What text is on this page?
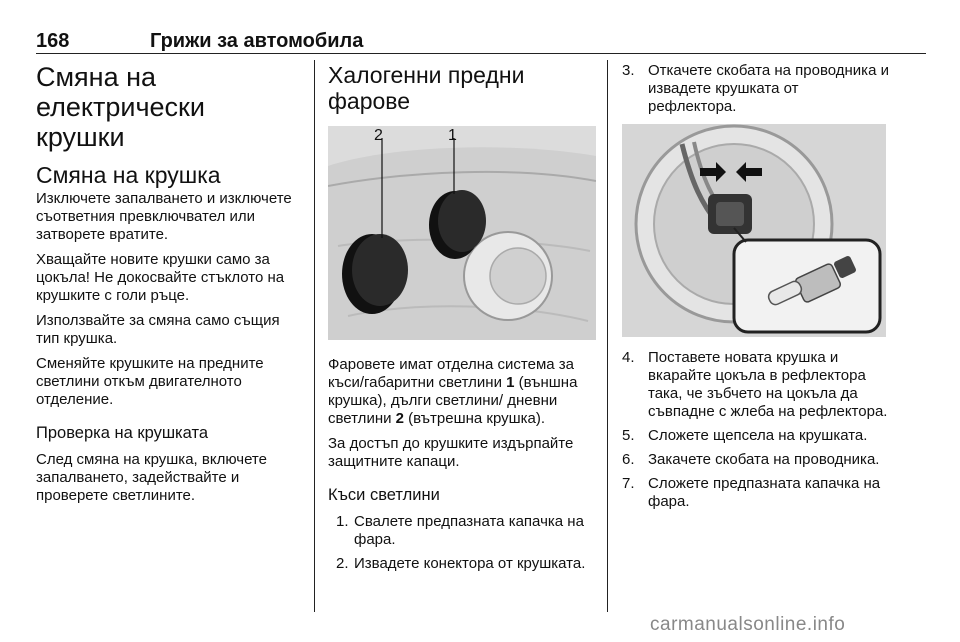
168	Грижи за автомобила
Смяна на
електрически крушки
Смяна на крушка

Изключете запалването и изключете съответния превключвател или затворете вратите.

Хващайте новите крушки само за цокъла! Не докосвайте стъклото на крушките с голи ръце.

Използвайте за смяна само същия тип крушка.

Сменяйте крушките на предните светлини откъм двигателното отделение.

Проверка на крушката

След смяна на крушка, включете запалването, задействайте и проверете светлините.

Халогенни предни фарове
2	1

Фаровете имат отделна система за къси/габаритни светлини 1 (външна крушка), дълги светлини/ дневни светлини 2 (вътрешна крушка).

За достъп до крушките издърпайте защитните капаци.

Къси светлини
1. Свалете предпазната капачка на фара.
2. Извадете конектора от крушката.
3. Откачете скобата на проводника и извадете крушката от рефлектора.
4. Поставете новата крушка и вкарайте цокъла в рефлектора така, че зъбчето на цокъла да съвпадне с жлеба на рефлектора.
5. Сложете щепсела на крушката.
6. Закачете скобата на проводника.
7. Сложете предпазната капачка на фара.
carmanualsonline.info
